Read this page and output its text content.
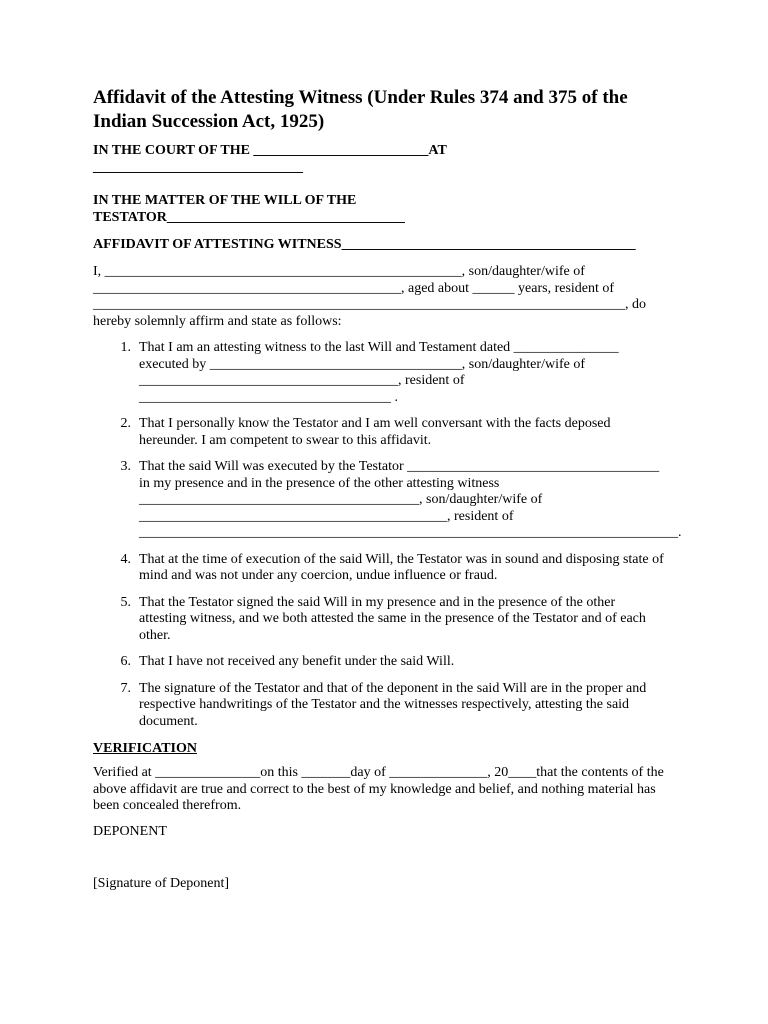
Affidavit of the Attesting Witness (Under Rules 374 and 375 of the Indian Succession Act, 1925)
IN THE COURT OF THE _________________________AT
______________________________
IN THE MATTER OF THE WILL OF THE
TESTATOR__________________________________
AFFIDAVIT OF ATTESTING WITNESS__________________________________________
I, ___________________________________________________, son/daughter/wife of
____________________________________________, aged about ______ years, resident of
____________________________________________________________________________, do
hereby solemnly affirm and state as follows:
1. That I am an attesting witness to the last Will and Testament dated _______________
executed by ____________________________________, son/daughter/wife of
_____________________________________, resident of
____________________________________ .
2. That I personally know the Testator and I am well conversant with the facts deposed
hereunder. I am competent to swear to this affidavit.
3. That the said Will was executed by the Testator ____________________________________
in my presence and in the presence of the other attesting witness
________________________________________, son/daughter/wife of
____________________________________________, resident of
_____________________________________________________________________________.
4. That at the time of execution of the said Will, the Testator was in sound and disposing state of
mind and was not under any coercion, undue influence or fraud.
5. That the Testator signed the said Will in my presence and in the presence of the other
attesting witness, and we both attested the same in the presence of the Testator and of each
other.
6. That I have not received any benefit under the said Will.
7. The signature of the Testator and that of the deponent in the said Will are in the proper and
respective handwritings of the Testator and the witnesses respectively, attesting the said
document.
VERIFICATION
Verified at _______________on this _______day of ______________, 20____that the contents of the
above affidavit are true and correct to the best of my knowledge and belief, and nothing material has
been concealed therefrom.
DEPONENT
[Signature of Deponent]
